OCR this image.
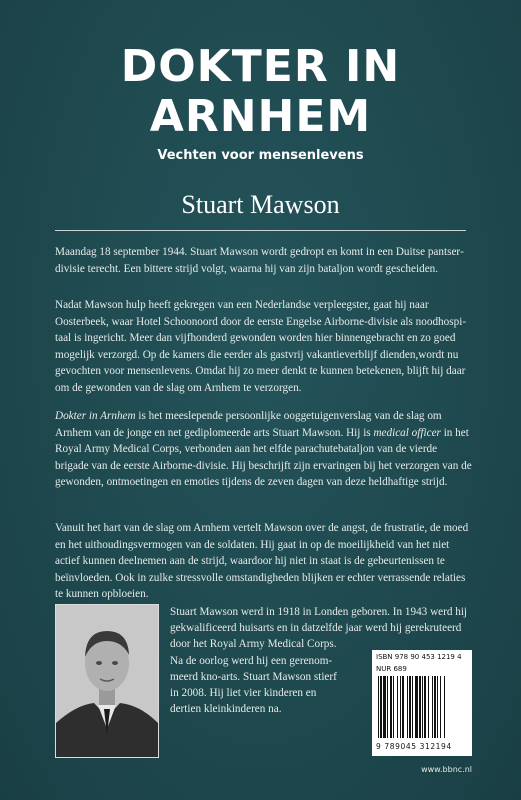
DOKTER IN
ARNHEM
Vechten voor mensenlevens
Stuart Mawson

Maandag 18 september 1944. Stuart Mawson wordt gedropt en komt in een Duitse pantserdivisie terecht. Een bittere strijd volgt, waarna hij van zijn bataljon wordt gescheiden.

Nadat Mawson hulp heeft gekregen van een Nederlandse verpleegster, gaat hij naar Oosterbeek, waar Hotel Schoonoord door de eerste Engelse Airborne-divisie als noodhospitaal is ingericht. Meer dan vijfhonderd gewonden worden hier binnengebracht en zo goed mogelijk verzorgd. Op de kamers die eerder als gastvrij vakantieverblijf dienden,wordt nu gevochten voor mensenlevens. Omdat hij zo meer denkt te kunnen betekenen, blijft hij daar om de gewonden van de slag om Arnhem te verzorgen.

Dokter in Arnhem is het meeslepende persoonlijke ooggetuigenverslag van de slag om Arnhem van de jonge en net gediplomeerde arts Stuart Mawson. Hij is medical officer in het Royal Army Medical Corps, verbonden aan het elfde parachutebataljon van de vierde brigade van de eerste Airborne-divisie. Hij beschrijft zijn ervaringen bij het verzorgen van de gewonden, ontmoetingen en emoties tijdens de zeven dagen van deze heldhaftige strijd.

Vanuit het hart van de slag om Arnhem vertelt Mawson over de angst, de frustratie, de moed en het uithoudingsvermogen van de soldaten. Hij gaat in op de moeilijkheid van het niet actief kunnen deelnemen aan de strijd, waardoor hij niet in staat is de gebeurtenissen te beïnvloeden. Ook in zulke stressvolle omstandigheden blijken er echter verrassende relaties te kunnen opbloeien.

Stuart Mawson werd in 1918 in Londen geboren. In 1943 werd hij
gekwalificeerd huisarts en in datzelfde jaar werd hij gerekruteerd
door het Royal Army Medical Corps.
Na de oorlog werd hij een gerenom-
meerd kno-arts. Stuart Mawson stierf
in 2008. Hij liet vier kinderen en
dertien kleinkinderen na.

ISBN 978 90 453 1219 4
NUR 689
9 789045 312194
www.bbnc.nl
